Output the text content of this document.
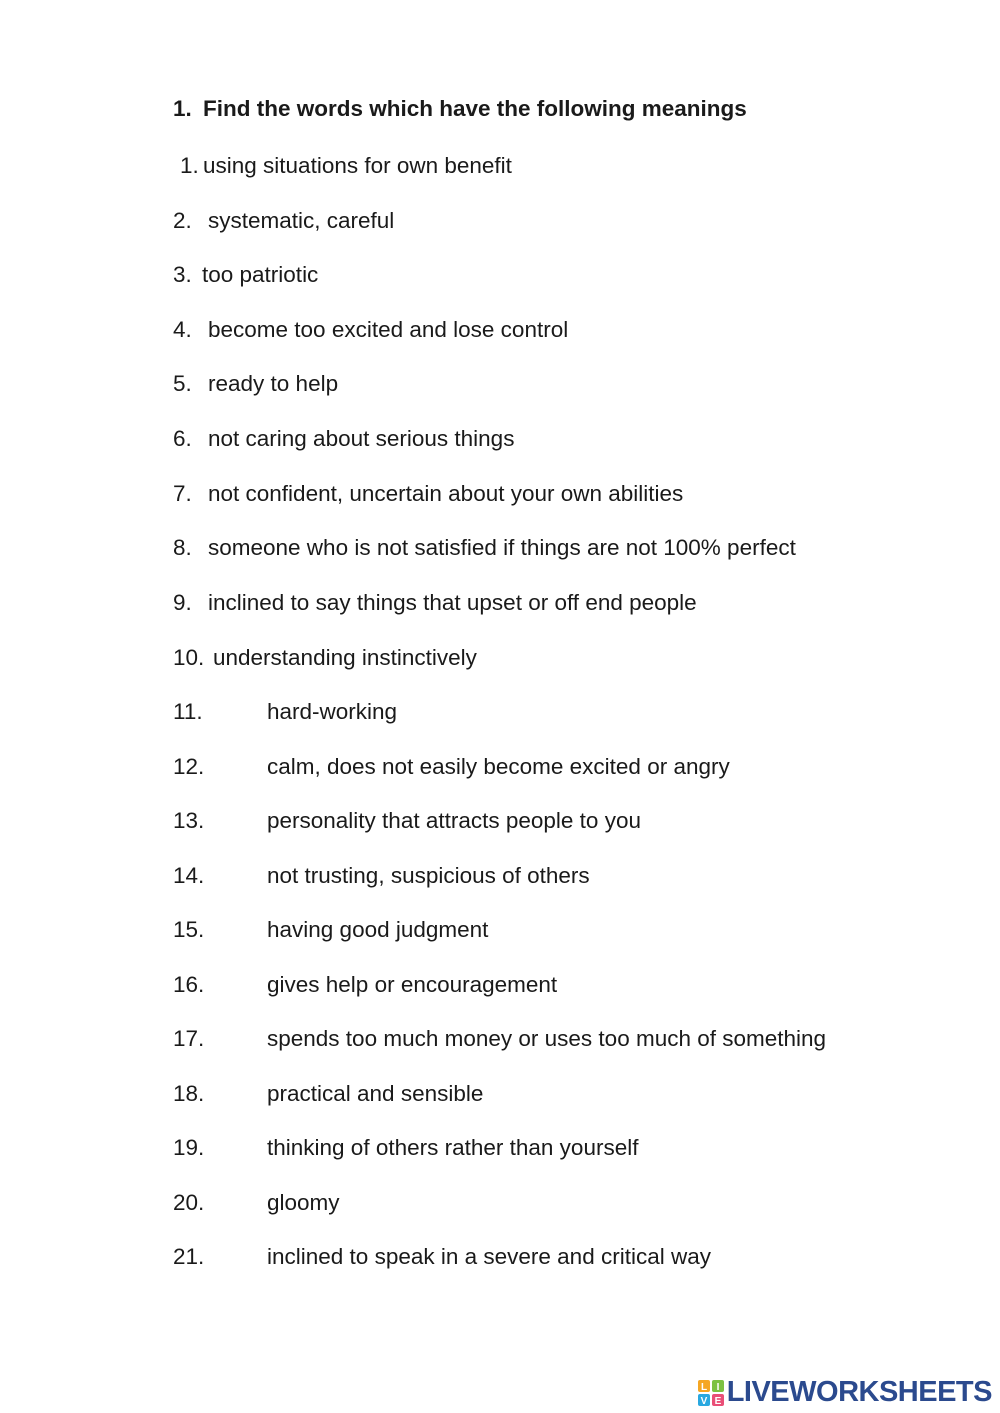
1. Find the words which have the following meanings
1. using situations for own benefit
2. systematic, careful
3. too patriotic
4. become too excited and lose control
5. ready to help
6. not caring about serious things
7. not confident, uncertain about your own abilities
8. someone who is not satisfied if things are not 100% perfect
9. inclined to say things that upset or off end people
10. understanding instinctively
11.	hard-working
12.	calm, does not easily become excited or angry
13.	personality that attracts people to you
14.	not trusting, suspicious of others
15.	having good judgment
16.	gives help or encouragement
17.	spends too much money or uses too much of something
18.	practical and sensible
19.	thinking of others rather than yourself
20.	gloomy
21.	inclined to speak in a severe and critical way
L I
V E LIVEWORKSHEETS
